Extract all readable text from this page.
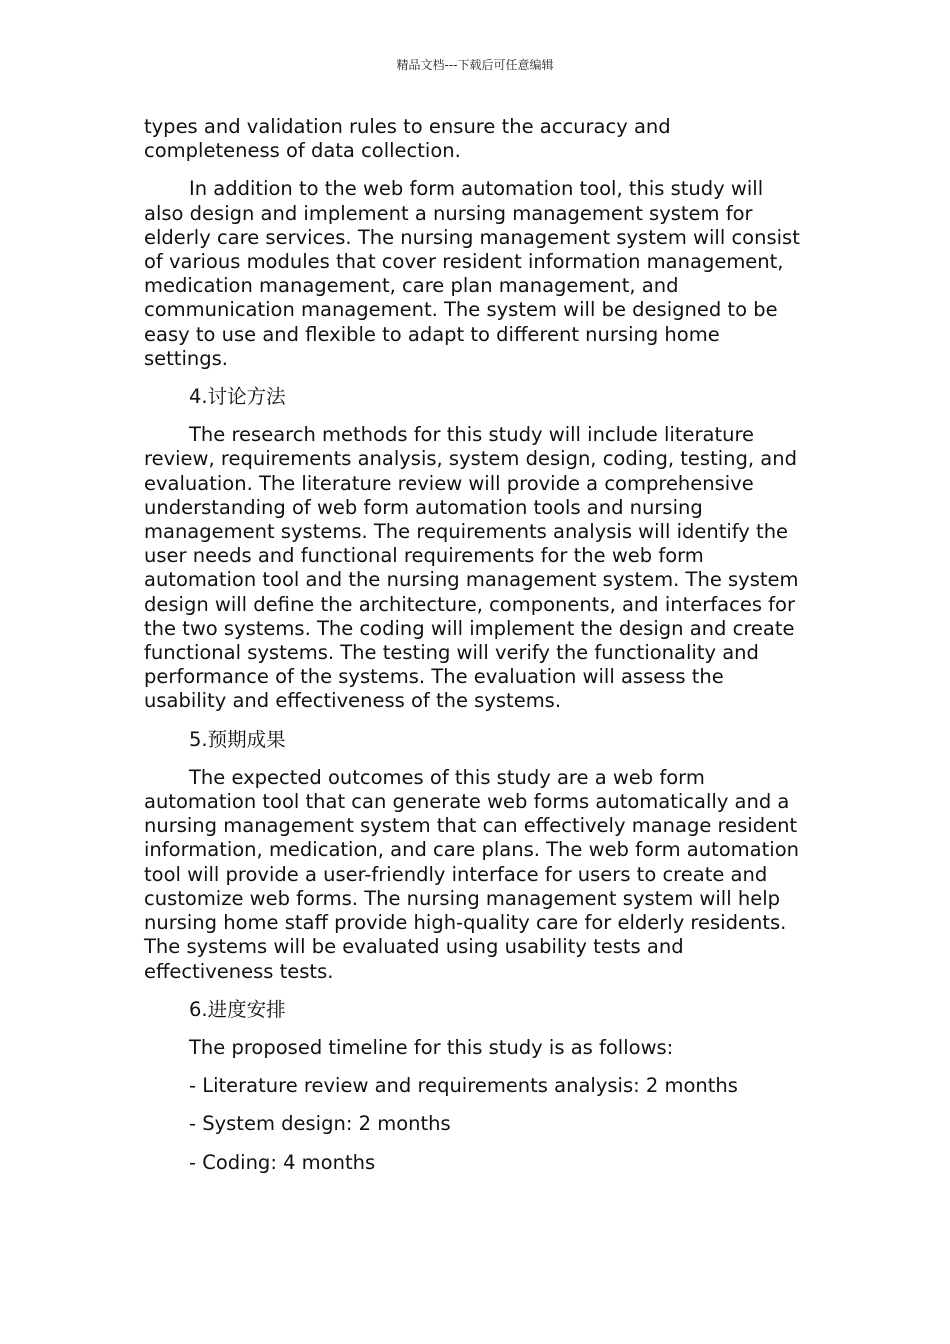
精品文档---下载后可任意编辑

types and validation rules to ensure the accuracy and completeness of data collection.

In addition to the web form automation tool, this study will also design and implement a nursing management system for elderly care services. The nursing management system will consist of various modules that cover resident information management, medication management, care plan management, and communication management. The system will be designed to be easy to use and flexible to adapt to different nursing home settings.

4.讨论方法

The research methods for this study will include literature review, requirements analysis, system design, coding, testing, and evaluation. The literature review will provide a comprehensive understanding of web form automation tools and nursing management systems. The requirements analysis will identify the user needs and functional requirements for the web form automation tool and the nursing management system. The system design will define the architecture, components, and interfaces for the two systems. The coding will implement the design and create functional systems. The testing will verify the functionality and performance of the systems. The evaluation will assess the usability and effectiveness of the systems.

5.预期成果

The expected outcomes of this study are a web form automation tool that can generate web forms automatically and a nursing management system that can effectively manage resident information, medication, and care plans. The web form automation tool will provide a user-friendly interface for users to create and customize web forms. The nursing management system will help nursing home staff provide high-quality care for elderly residents. The systems will be evaluated using usability tests and effectiveness tests.

6.进度安排

The proposed timeline for this study is as follows:

- Literature review and requirements analysis: 2 months

- System design: 2 months

- Coding: 4 months
